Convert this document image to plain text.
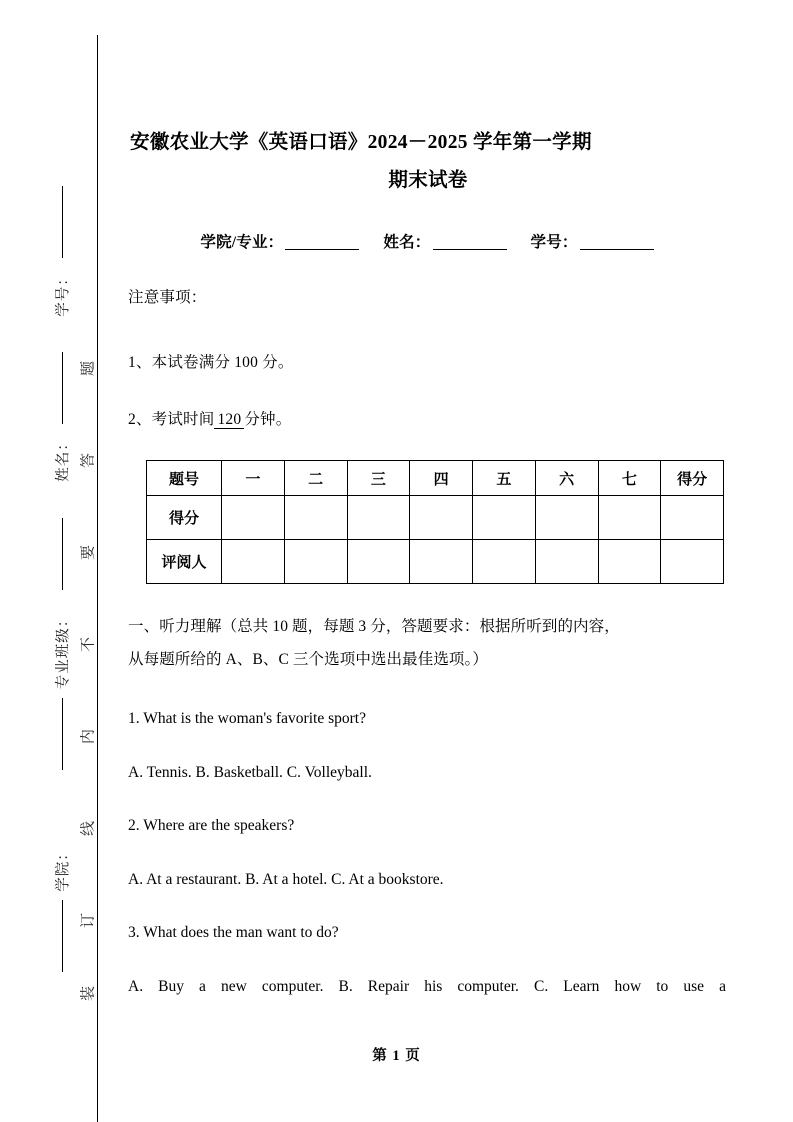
学号：
姓名：
专业班级：
学院：
题
答
要
不
内
线
订
装
安徽农业大学《英语口语》2024－2025 学年第一学期
期末试卷
学院/专业：	姓名：	学号：
注意事项：
1、本试卷满分 100 分。
2、考试时间 120 分钟。
题号	一	二	三	四	五	六	七	得分
得分								
评阅人								
一、听力理解（总共 10 题，每题 3 分，答题要求：根据所听到的内容，
从每题所给的 A、B、C 三个选项中选出最佳选项。）
1. What is the woman's favorite sport?
A. Tennis. B. Basketball. C. Volleyball.
2. Where are the speakers?
A. At a restaurant. B. At a hotel. C. At a bookstore.
3. What does the man want to do?
A. Buy a new computer. B. Repair his computer. C. Learn how to use a
第 1 页
